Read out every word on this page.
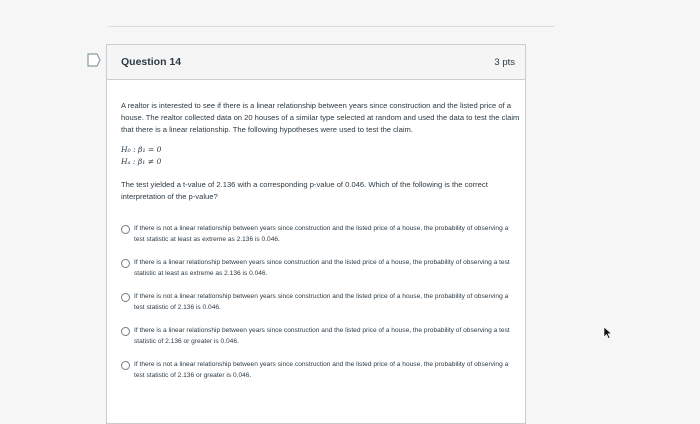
Question 14	3 pts
A realtor is interested to see if there is a linear relationship between years since construction and the listed price of a house. The realtor collected data on 20 houses of a similar type selected at random and used the data to test the claim that there is a linear relationship. The following hypotheses were used to test the claim.
H₀ : β₁ = 0
Hₐ : β₁ ≠ 0
The test yielded a t-value of 2.136 with a corresponding p-value of 0.046. Which of the following is the correct interpretation of the p-value?
If there is not a linear relationship between years since construction and the listed price of a house, the probability of observing a test statistic at least as extreme as 2.136 is 0.046.
If there is a linear relationship between years since construction and the listed price of a house, the probability of observing a test statistic at least as extreme as 2.136 is 0.046.
If there is not a linear relationship between years since construction and the listed price of a house, the probability of observing a test statistic of 2.136 is 0.046.
If there is a linear relationship between years since construction and the listed price of a house, the probability of observing a test statistic of 2.136 or greater is 0.046.
If there is not a linear relationship between years since construction and the listed price of a house, the probability of observing a test statistic of 2.136 or greater is 0.046.
